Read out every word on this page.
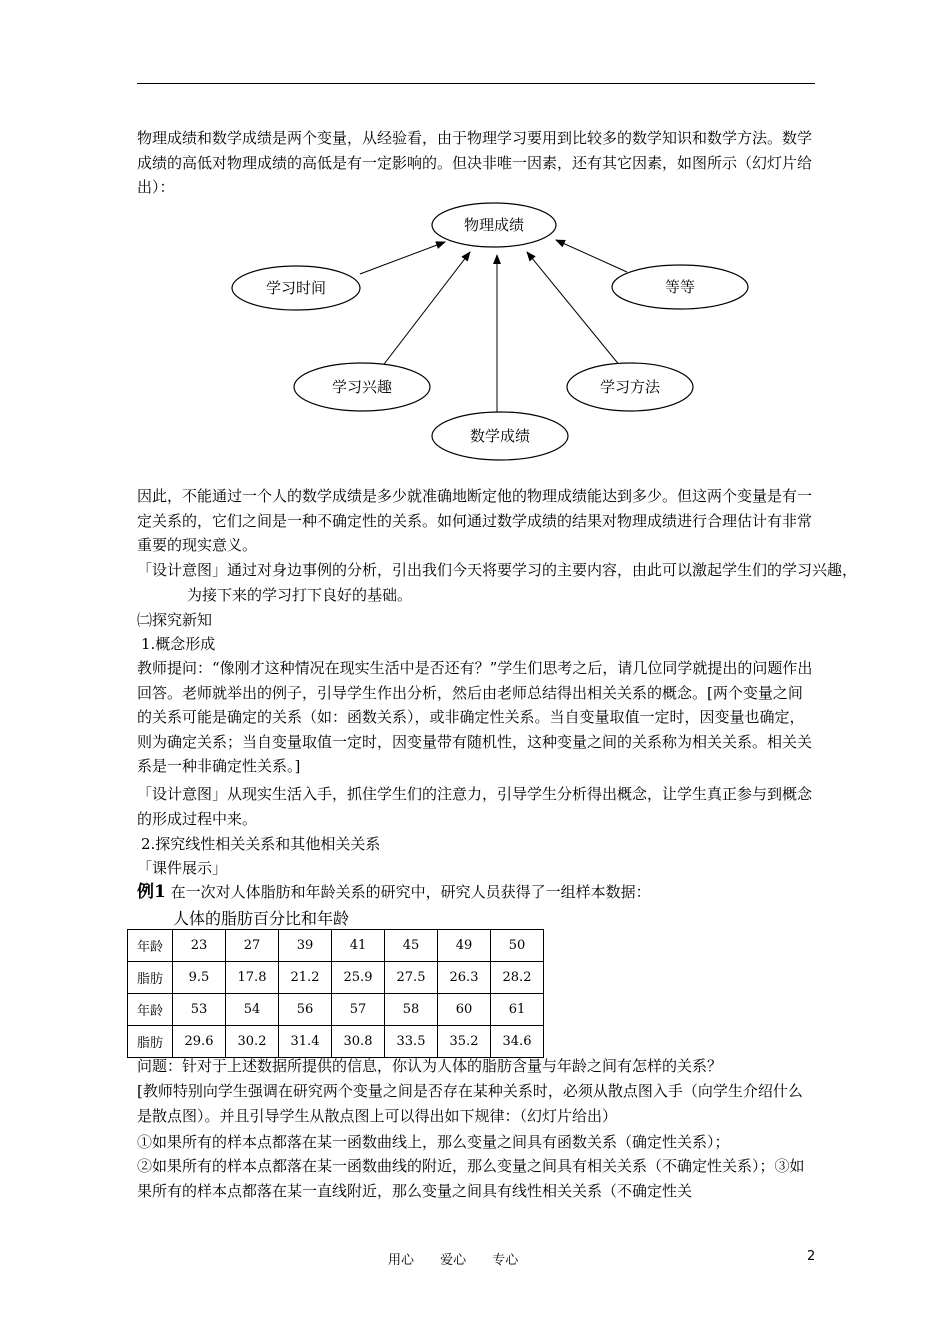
物理成绩和数学成绩是两个变量，从经验看，由于物理学习要用到比较多的数学知识和数学方法。数学成绩的高低对物理成绩的高低是有一定影响的。但决非唯一因素，还有其它因素，如图所示（幻灯片给出）：

物理成绩
学习时间	等等
学习兴趣	学习方法
数学成绩

因此，不能通过一个人的数学成绩是多少就准确地断定他的物理成绩能达到多少。但这两个变量是有一定关系的，它们之间是一种不确定性的关系。如何通过数学成绩的结果对物理成绩进行合理估计有非常重要的现实意义。

「设计意图」通过对身边事例的分析，引出我们今天将要学习的主要内容，由此可以激起学生们的学习兴趣，为接下来的学习打下良好的基础。

㈡探究新知

1.概念形成

教师提问：“像刚才这种情况在现实生活中是否还有？”学生们思考之后，请几位同学就提出的问题作出回答。老师就举出的例子，引导学生作出分析，然后由老师总结得出相关关系的概念。[两个变量之间的关系可能是确定的关系（如：函数关系），或非确定性关系。当自变量取值一定时，因变量也确定，则为确定关系；当自变量取值一定时，因变量带有随机性，这种变量之间的关系称为相关关系。相关关系是一种非确定性关系。]

「设计意图」从现实生活入手，抓住学生们的注意力，引导学生分析得出概念，让学生真正参与到概念的形成过程中来。

2.探究线性相关关系和其他相关关系

「课件展示」

例1 在一次对人体脂肪和年龄关系的研究中，研究人员获得了一组样本数据：

人体的脂肪百分比和年龄
年龄	23	27	39	41	45	49	50
脂肪	9.5	17.8	21.2	25.9	27.5	26.3	28.2
年龄	53	54	56	57	58	60	61
脂肪	29.6	30.2	31.4	30.8	33.5	35.2	34.6

问题：针对于上述数据所提供的信息，你认为人体的脂肪含量与年龄之间有怎样的关系？

[教师特别向学生强调在研究两个变量之间是否存在某种关系时，必须从散点图入手（向学生介绍什么是散点图）。并且引导学生从散点图上可以得出如下规律：（幻灯片给出）

①如果所有的样本点都落在某一函数曲线上，那么变量之间具有函数关系（确定性关系）；

②如果所有的样本点都落在某一函数曲线的附近，那么变量之间具有相关关系（不确定性关系）；③如果所有的样本点都落在某一直线附近，那么变量之间具有线性相关关系（不确定性关

用心 爱心 专心	2
